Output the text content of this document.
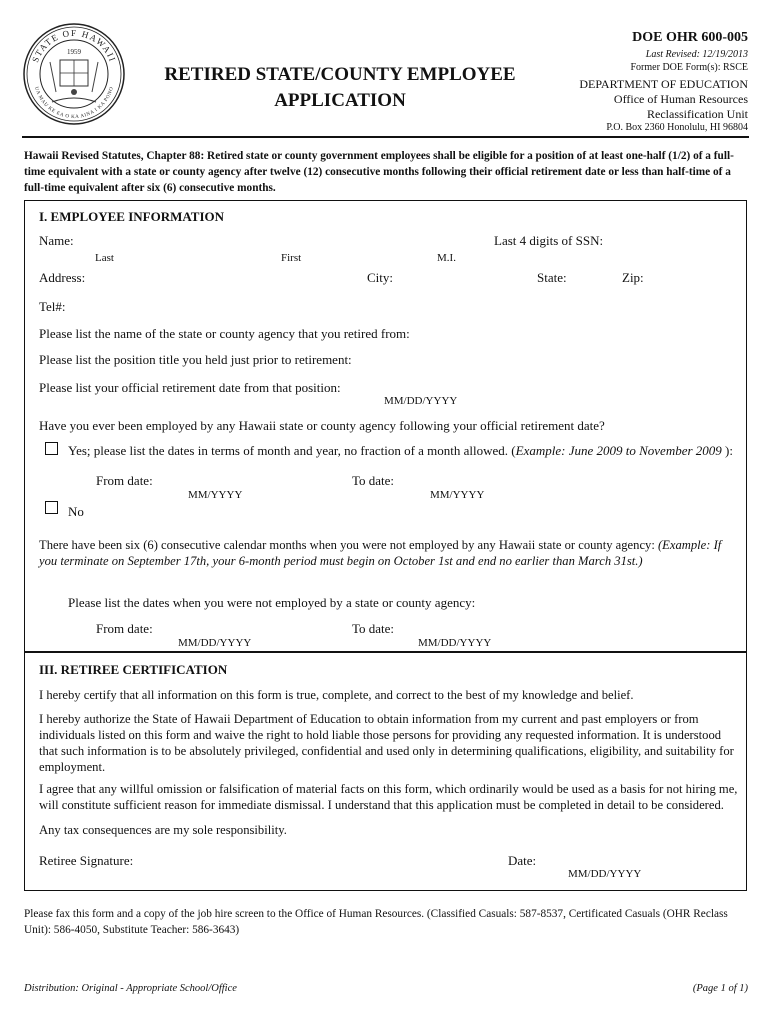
STATE OF HAWAII
UA MAU KE EA O KA AINA I KA PONO
1959
RETIRED STATE/COUNTY EMPLOYEE
APPLICATION
DOE OHR 600-005
Last Revised: 12/19/2013
Former DOE Form(s): RSCE
DEPARTMENT OF EDUCATION
Office of Human Resources
Reclassification Unit
P.O. Box 2360 Honolulu, HI 96804
Hawaii Revised Statutes, Chapter 88: Retired state or county government employees shall be eligible for a position of at least one-half (1/2) of a full-time equivalent with a state or county agency after twelve (12) consecutive months following their official retirement date or less than half-time of a full-time equivalent after six (6) consecutive months.
I. EMPLOYEE INFORMATION
Name:	Last 4 digits of SSN:
Last	First	M.I.
Address:	City:	State:	Zip:
Tel#:
Please list the name of the state or county agency that you retired from:
Please list the position title you held just prior to retirement:
Please list your official retirement date from that position:
MM/DD/YYYY
Have you ever been employed by any Hawaii state or county agency following your official retirement date?
Yes; please list the dates in terms of month and year, no fraction of a month allowed. (Example: June 2009 to November 2009 ):
From date:	To date:
MM/YYYY	MM/YYYY
No
There have been six (6) consecutive calendar months when you were not employed by any Hawaii state or county agency: (Example: If you terminate on September 17th, your 6-month period must begin on October 1st and end no earlier than March 31st.)
Please list the dates when you were not employed by a state or county agency:
From date:	To date:
MM/DD/YYYY	MM/DD/YYYY
III. RETIREE CERTIFICATION
I hereby certify that all information on this form is true, complete, and correct to the best of my knowledge and belief.
I hereby authorize the State of Hawaii Department of Education to obtain information from my current and past employers or from individuals listed on this form and waive the right to hold liable those persons for providing any requested information. It is understood that such information is to be absolutely privileged, confidential and used only in determining qualifications, eligibility, and suitability for employment.
I agree that any willful omission or falsification of material facts on this form, which ordinarily would be used as a basis for not hiring me, will constitute sufficient reason for immediate dismissal. I understand that this application must be completed in detail to be considered.
Any tax consequences are my sole responsibility.
Retiree Signature:	Date:
MM/DD/YYYY
Please fax this form and a copy of the job hire screen to the Office of Human Resources. (Classified Casuals: 587-8537, Certificated Casuals (OHR Reclass Unit): 586-4050, Substitute Teacher: 586-3643)
Distribution: Original - Appropriate School/Office	(Page 1 of 1)
